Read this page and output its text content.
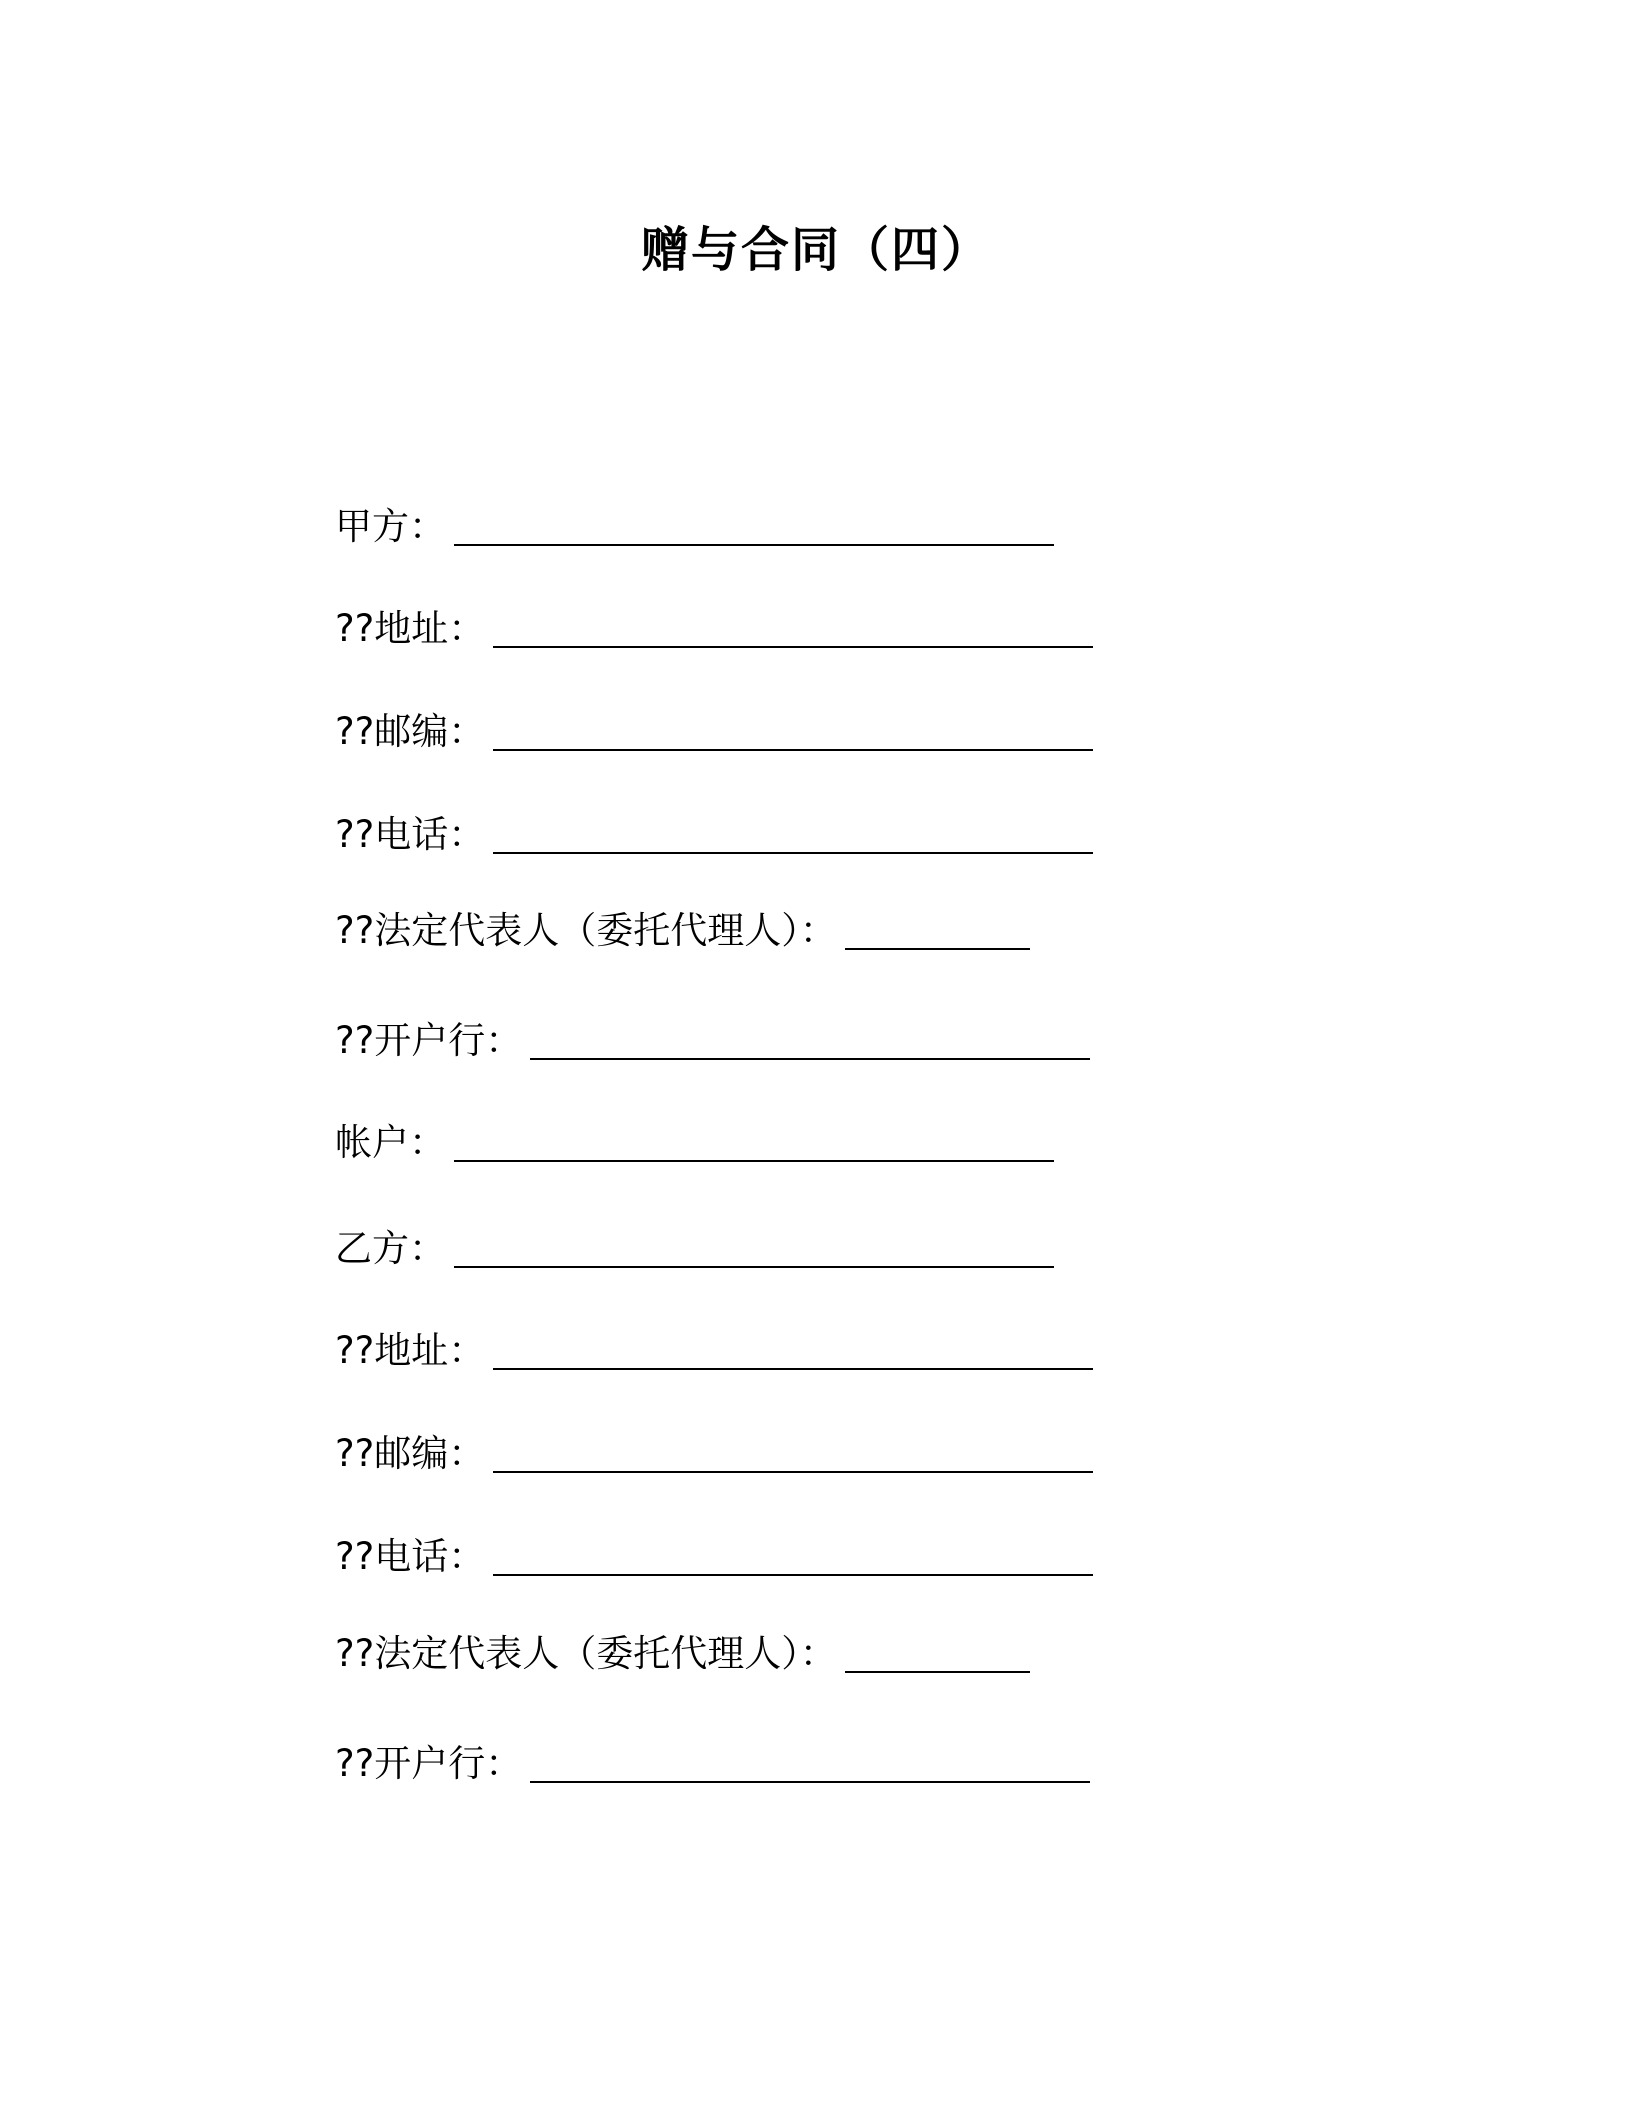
赠与合同（四）
甲方：
??地址：
??邮编：
??电话：
??法定代表人（委托代理人）：
??开户行：
帐户：
乙方：
??地址：
??邮编：
??电话：
??法定代表人（委托代理人）：
??开户行：
